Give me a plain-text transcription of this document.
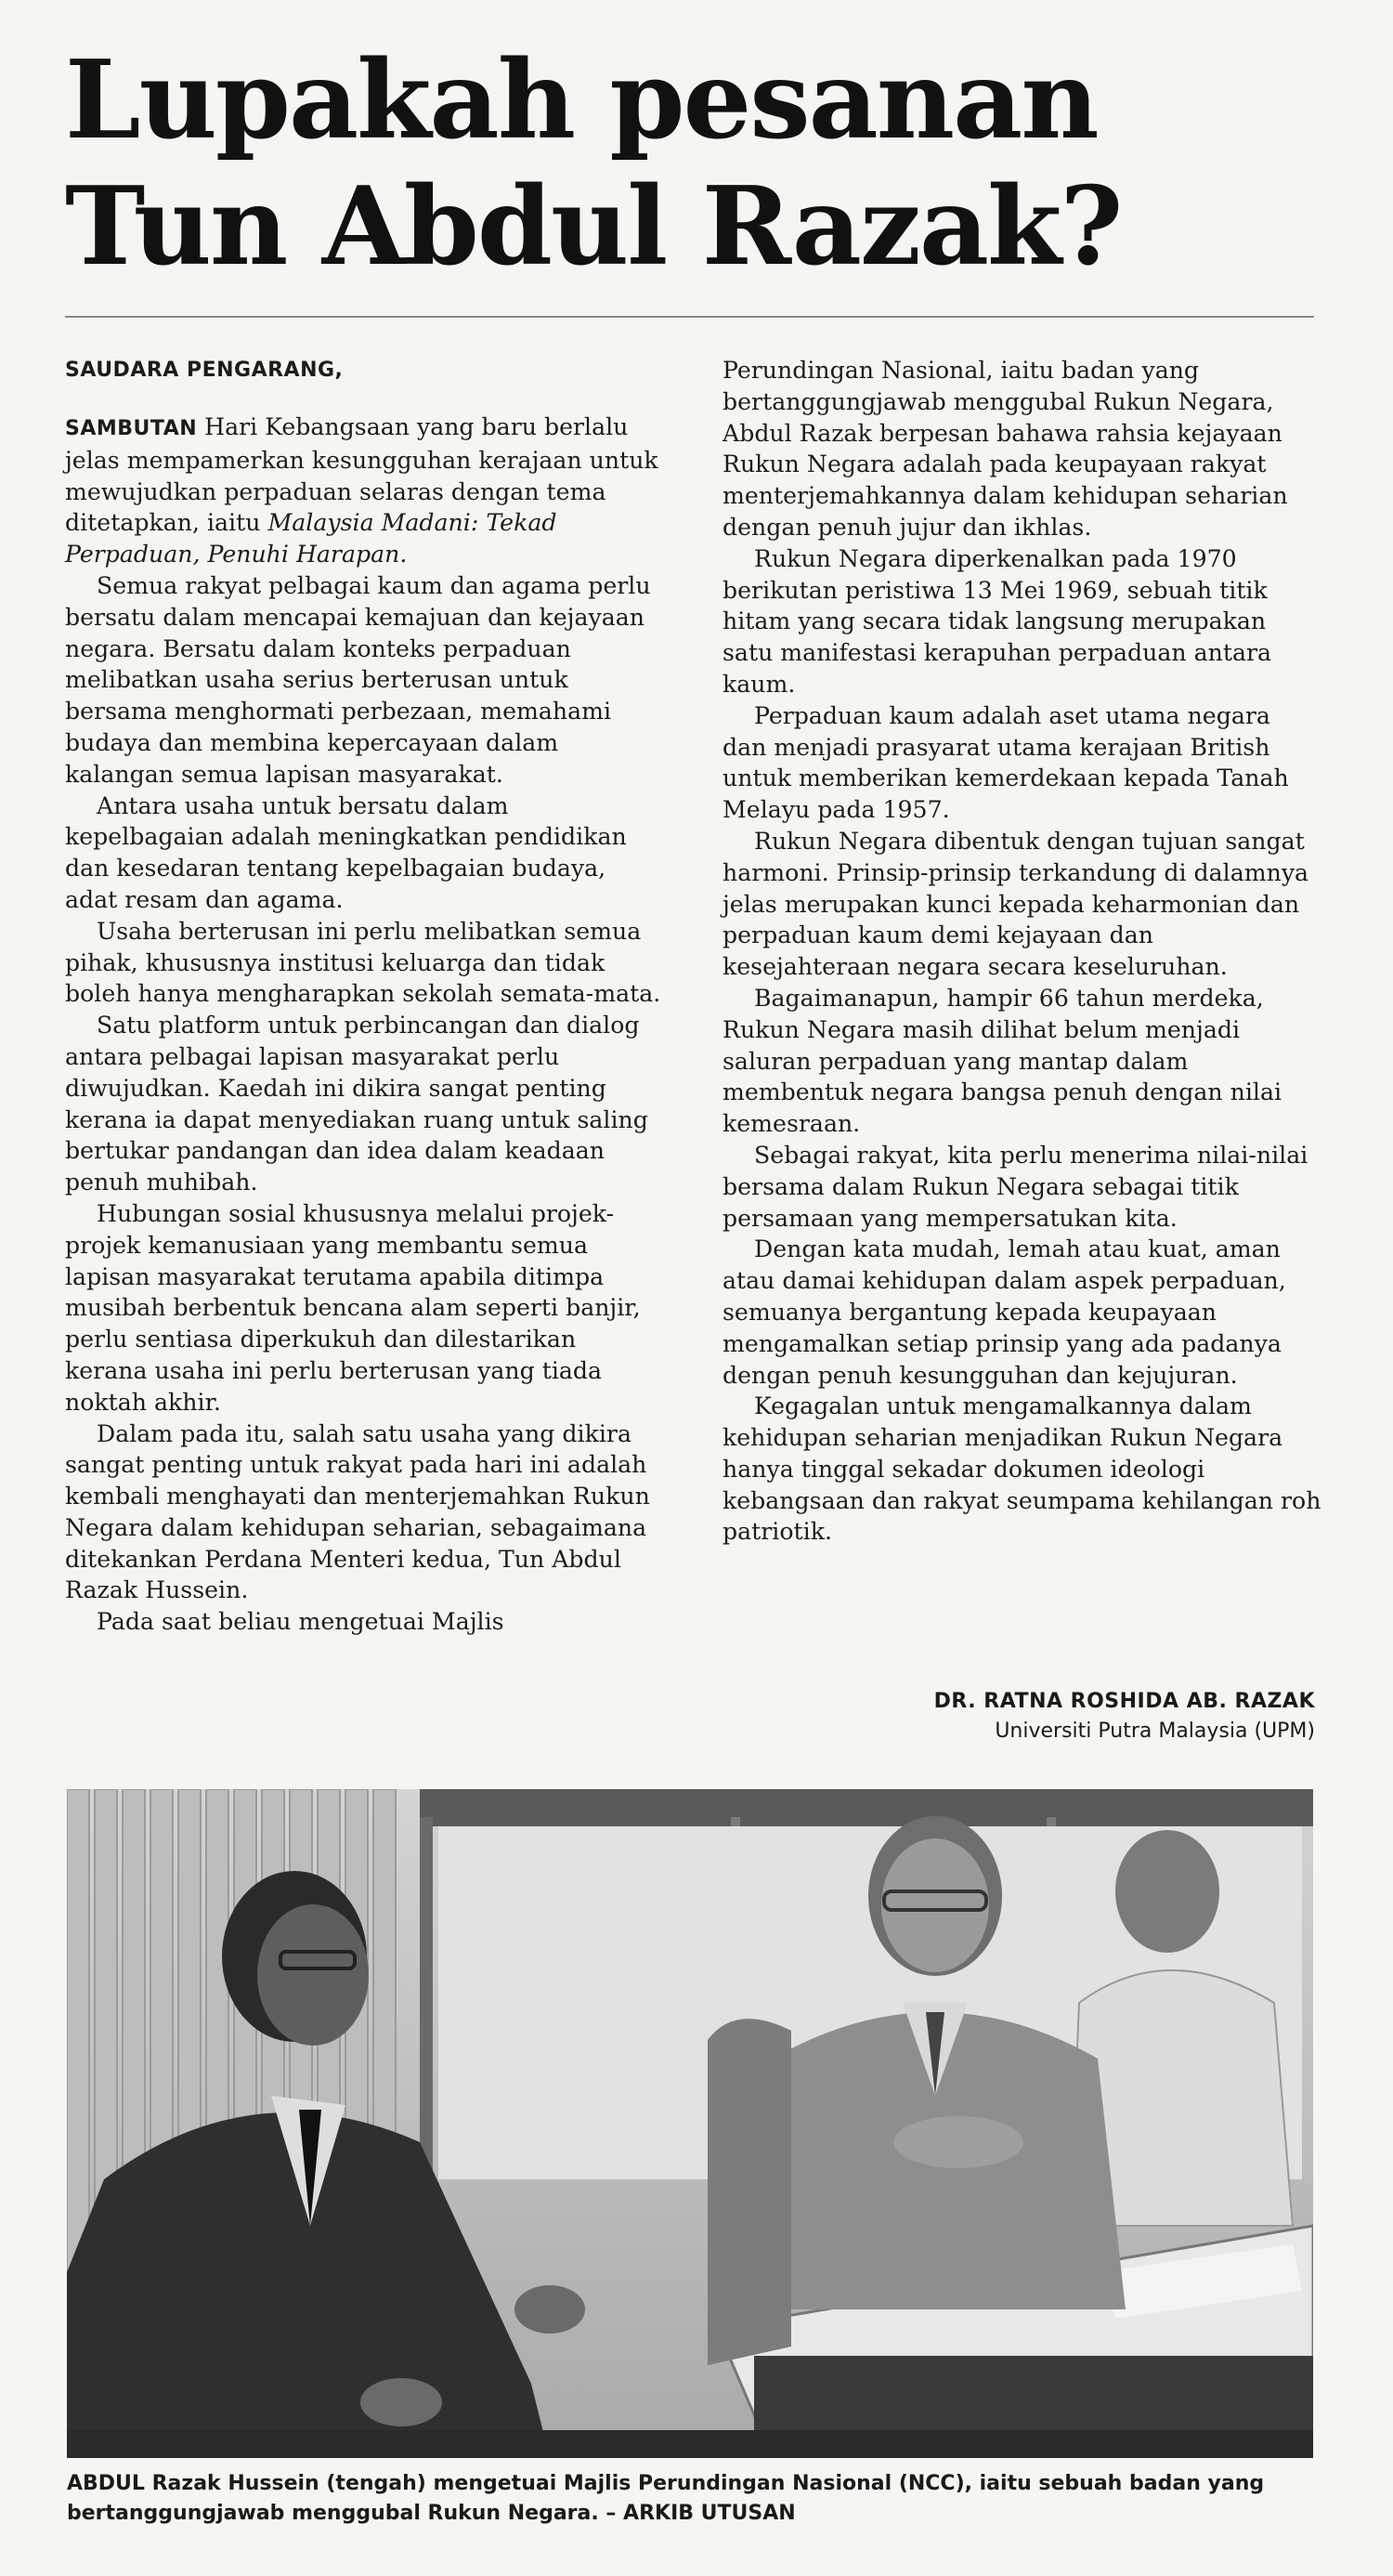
Lupakah pesanan
Tun Abdul Razak?
SAUDARA PENGARANG,

SAMBUTAN Hari Kebangsaan yang baru berlalu jelas mempamerkan kesungguhan kerajaan untuk mewujudkan perpaduan selaras dengan tema ditetapkan, iaitu Malaysia Madani: Tekad Perpaduan, Penuhi Harapan.

Semua rakyat pelbagai kaum dan agama perlu bersatu dalam mencapai kemajuan dan kejayaan negara. Bersatu dalam konteks perpaduan melibatkan usaha serius berterusan untuk bersama menghormati perbezaan, memahami budaya dan membina kepercayaan dalam kalangan semua lapisan masyarakat.

Antara usaha untuk bersatu dalam kepelbagaian adalah meningkatkan pendidikan dan kesedaran tentang kepelbagaian budaya, adat resam dan agama.

Usaha berterusan ini perlu melibatkan semua pihak, khususnya institusi keluarga dan tidak boleh hanya mengharapkan sekolah semata-mata.

Satu platform untuk perbincangan dan dialog antara pelbagai lapisan masyarakat perlu diwujudkan. Kaedah ini dikira sangat penting kerana ia dapat menyediakan ruang untuk saling bertukar pandangan dan idea dalam keadaan penuh muhibah.

Hubungan sosial khususnya melalui projek-projek kemanusiaan yang membantu semua lapisan masyarakat terutama apabila ditimpa musibah berbentuk bencana alam seperti banjir, perlu sentiasa diperkukuh dan dilestarikan kerana usaha ini perlu berterusan yang tiada noktah akhir.

Dalam pada itu, salah satu usaha yang dikira sangat penting untuk rakyat pada hari ini adalah kembali menghayati dan menterjemahkan Rukun Negara dalam kehidupan seharian, sebagaimana ditekankan Perdana Menteri kedua, Tun Abdul Razak Hussein.

Pada saat beliau mengetuai Majlis

Perundingan Nasional, iaitu badan yang bertanggungjawab menggubal Rukun Negara, Abdul Razak berpesan bahawa rahsia kejayaan Rukun Negara adalah pada keupayaan rakyat menterjemahkannya dalam kehidupan seharian dengan penuh jujur dan ikhlas.

Rukun Negara diperkenalkan pada 1970 berikutan peristiwa 13 Mei 1969, sebuah titik hitam yang secara tidak langsung merupakan satu manifestasi kerapuhan perpaduan antara kaum.

Perpaduan kaum adalah aset utama negara dan menjadi prasyarat utama kerajaan British untuk memberikan kemerdekaan kepada Tanah Melayu pada 1957.

Rukun Negara dibentuk dengan tujuan sangat harmoni. Prinsip-prinsip terkandung di dalamnya jelas merupakan kunci kepada keharmonian dan perpaduan kaum demi kejayaan dan kesejahteraan negara secara keseluruhan.

Bagaimanapun, hampir 66 tahun merdeka, Rukun Negara masih dilihat belum menjadi saluran perpaduan yang mantap dalam membentuk negara bangsa penuh dengan nilai kemesraan.

Sebagai rakyat, kita perlu menerima nilai-nilai bersama dalam Rukun Negara sebagai titik persamaan yang mempersatukan kita.

Dengan kata mudah, lemah atau kuat, aman atau damai kehidupan dalam aspek perpaduan, semuanya bergantung kepada keupayaan mengamalkan setiap prinsip yang ada padanya dengan penuh kesungguhan dan kejujuran.

Kegagalan untuk mengamalkannya dalam kehidupan seharian menjadikan Rukun Negara hanya tinggal sekadar dokumen ideologi kebangsaan dan rakyat seumpama kehilangan roh patriotik.

DR. RATNA ROSHIDA AB. RAZAK
Universiti Putra Malaysia (UPM)
ABDUL Razak Hussein (tengah) mengetuai Majlis Perundingan Nasional (NCC), iaitu sebuah badan yang bertanggungjawab menggubal Rukun Negara. – ARKIB UTUSAN
